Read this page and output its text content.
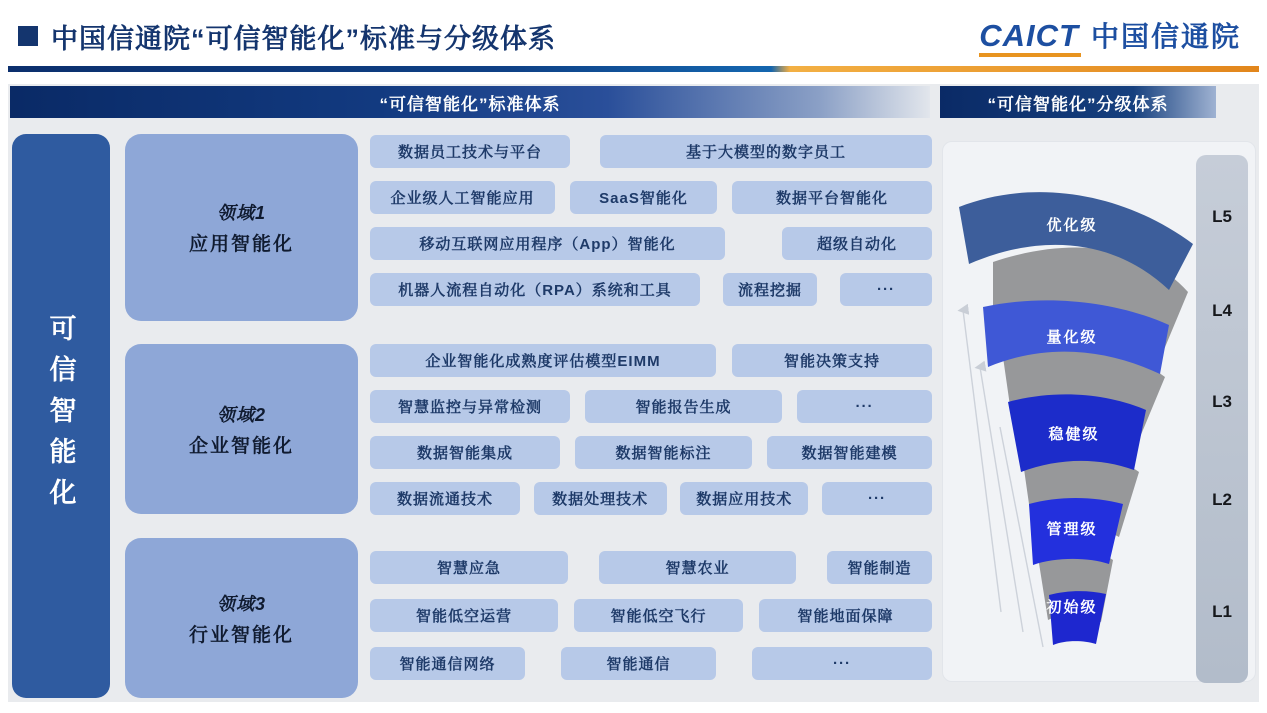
中国信通院“可信智能化”标准与分级体系	CAICT 中国信通院
“可信智能化”标准体系	“可信智能化”分级体系
可信智能化
领域1
应用智能化
领域2
企业智能化
领域3
行业智能化
数据员工技术与平台	基于大模型的数字员工
企业级人工智能应用	SaaS智能化	数据平台智能化
移动互联网应用程序（App）智能化	超级自动化
机器人流程自动化（RPA）系统和工具	流程挖掘	···
企业智能化成熟度评估模型EIMM	智能决策支持
智慧监控与异常检测	智能报告生成	···
数据智能集成	数据智能标注	数据智能建模
数据流通技术	数据处理技术	数据应用技术	···
智慧应急	智慧农业	智能制造
智能低空运营	智能低空飞行	智能地面保障
智能通信网络	智能通信	···
优化级
量化级
稳健级
管理级
初始级
L5
L4
L3
L2
L1
